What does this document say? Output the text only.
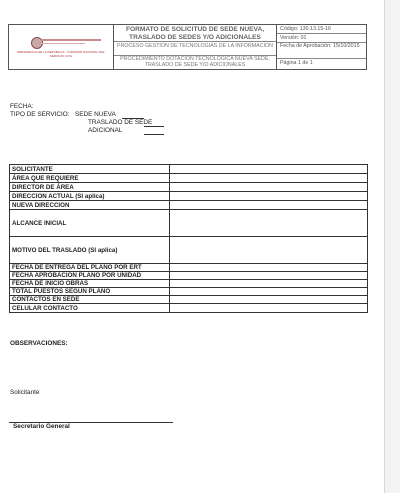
PRESIDENCIA DE LA REPÚBLICA - COMISIÓN NACIONAL DEL SERVICIO CIVIL
FORMATO DE SOLICITUD DE SEDE NUEVA, TRASLADO DE SEDES Y/O ADICIONALES
PROCESO GESTION DE TECNOLOGIAS DE LA INFORMACION
PROCEDIMIENTO DOTACION TECNOLOGICA NUEVA SEDE, TRASLADO DE SEDE Y/O ADICIONALES
Código: 130.13.15-16
Versión: 01
Fecha de Aprobación: 15/10/2015
Página 1 de 1
FECHA:
TIPO DE SERVICIO: SEDE NUEVA
TRASLADO DE SEDE
ADICIONAL
SOLICITANTE	
ÁREA QUE REQUIERE	
DIRECTOR DE ÁREA	
DIRECCION ACTUAL (SI aplica)	
NUEVA DIRECCION	
ALCANCE INICIAL	
MOTIVO DEL TRASLADO (SI aplica)	
FECHA DE ENTREGA DEL PLANO POR ERT	
FECHA APROBACION PLANO POR UNIDAD	
FECHA DE INICIO OBRAS	
TOTAL PUESTOS SEGÚN PLANO	
CONTACTOS EN SEDE	
CELULAR CONTACTO	
OBSERVACIONES:
Solicitante
Secretario General
